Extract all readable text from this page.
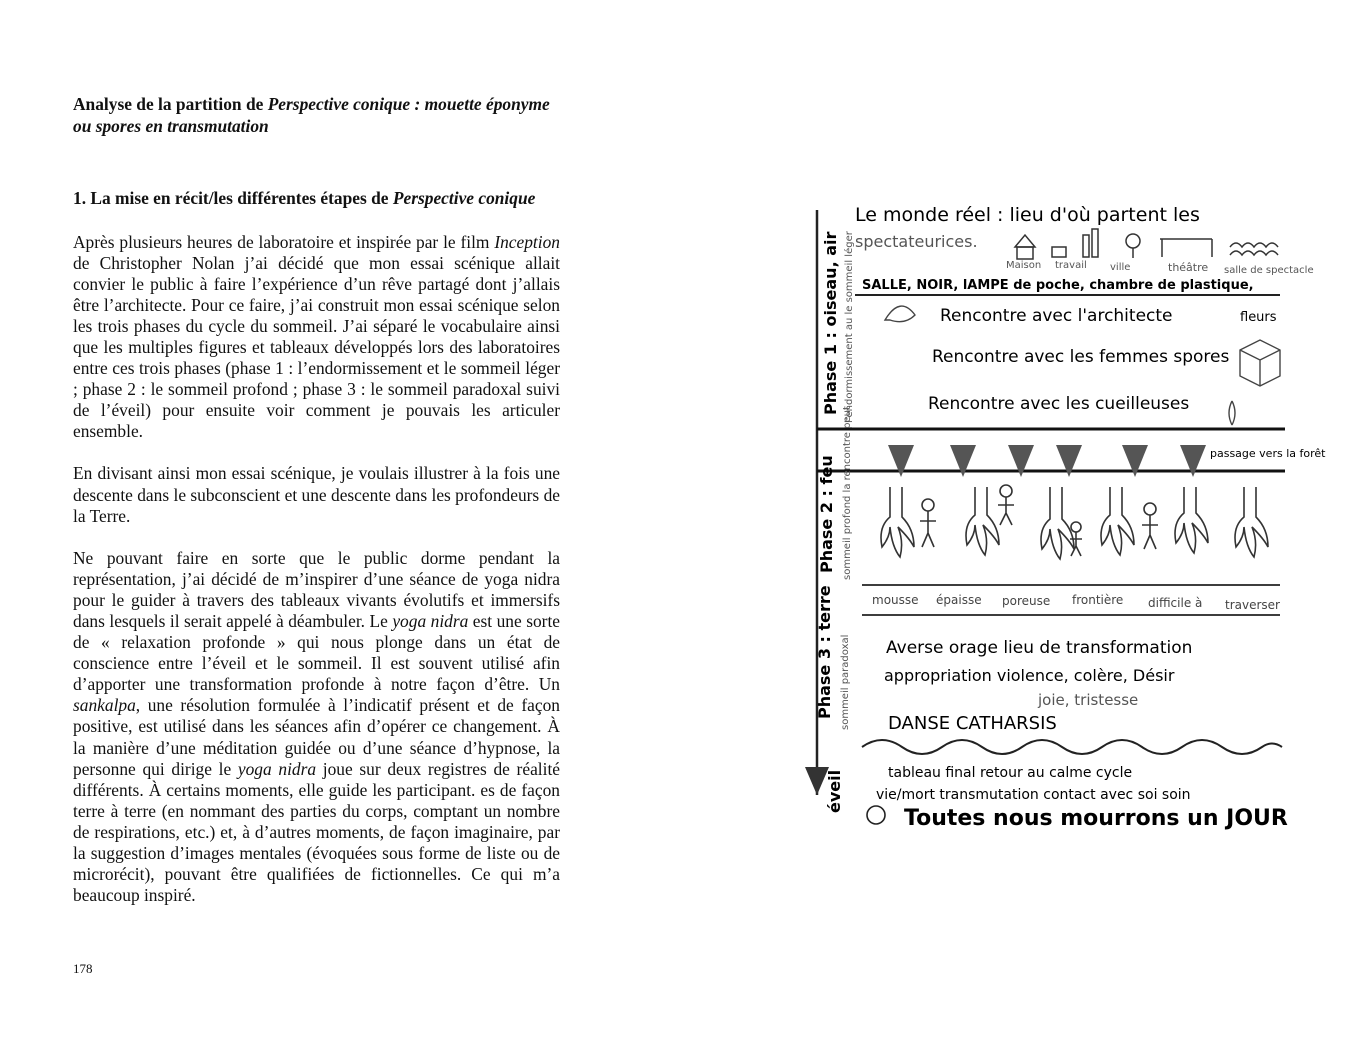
Analyse de la partition de Perspective conique : mouette éponyme ou spores en transmutation

1. La mise en récit/les différentes étapes de Perspective conique

Après plusieurs heures de laboratoire et inspirée par le film Inception de Christopher Nolan j’ai décidé que mon essai scénique allait convier le public à faire l’expérience d’un rêve partagé dont j’allais être l’architecte. Pour ce faire, j’ai construit mon essai scénique selon les trois phases du cycle du sommeil. J’ai séparé le vocabulaire ainsi que les multiples figures et tableaux développés lors des laboratoires entre ces trois phases (phase 1 : l’endormissement et le sommeil léger ; phase 2 : le sommeil profond ; phase 3 : le sommeil paradoxal suivi de l’éveil) pour ensuite voir comment je pouvais les articuler ensemble.

En divisant ainsi mon essai scénique, je voulais illustrer à la fois une descente dans le subconscient et une descente dans les profondeurs de la Terre.

Ne pouvant faire en sorte que le public dorme pendant la représentation, j’ai décidé de m’inspirer d’une séance de yoga nidra pour le guider à travers des tableaux vivants évolutifs et immersifs dans lesquels il serait appelé à déambuler. Le yoga nidra est une sorte de « relaxation profonde » qui nous plonge dans un état de conscience entre l’éveil et le sommeil. Il est souvent utilisé afin d’apporter une transformation profonde à notre façon d’être. Un sankalpa, une résolution formulée à l’indicatif présent et de façon positive, est utilisé dans les séances afin d’opérer ce changement. À la manière d’une méditation guidée ou d’une séance d’hypnose, la personne qui dirige le yoga nidra joue sur deux registres de réalité différents. À certains moments, elle guide les participant. es de façon terre à terre (en nommant des parties du corps, comptant un nombre de respirations, etc.) et, à d’autres moments, de façon imaginaire, par la suggestion d’images mentales (évoquées sous forme de liste ou de microrécit), pouvant être qualifiées de fictionnelles. Ce qui m’a beaucoup inspiré.

178
Le monde réel : lieu d'où partent les
spectateurices.
Maison travail ville	théâtre salle de spectacle
SALLE, NOIR, lAMPE de poche, chambre de plastique,
fleurs
Rencontre avec l'architecte
Rencontre avec les femmes spores
Rencontre avec les cueilleuses
Phase 1 : oiseau, air l'endormissement au le sommeil léger
passage vers la forêt
Phase 2 : feu sommeil profond la rencontre peut
mousse épaisse poreuse frontière difficile à traverser
Averse orage lieu de transformation
appropriation violence, colère, Désir
joie, tristesse
DANSE CATHARSIS
Phase 3 : terre sommeil paradoxal
tableau final retour au calme cycle
vie/mort transmutation contact avec soi soin
éveil
Toutes nous mourrons un JOUR
